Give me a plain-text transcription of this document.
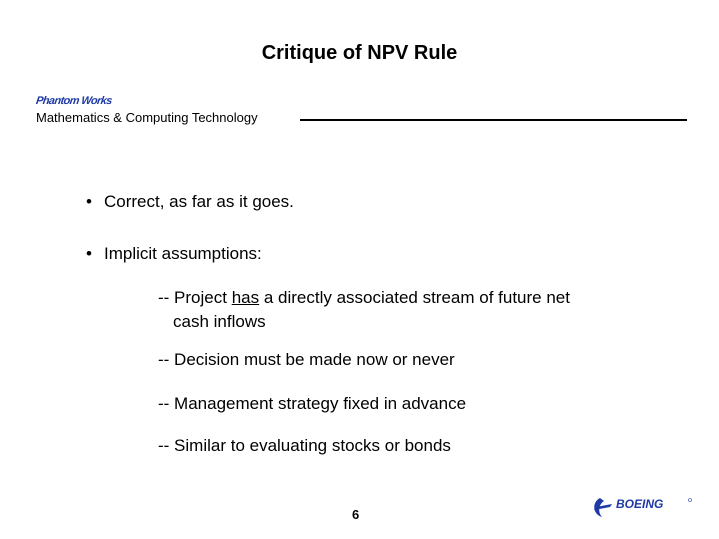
Critique of NPV Rule
Phantom Works
Mathematics & Computing Technology
• Correct, as far as it goes.
• Implicit assumptions:
-- Project has a directly associated stream of future net
cash inflows
-- Decision must be made now or never
-- Management strategy fixed in advance
-- Similar to evaluating stocks or bonds
6
BOEING
